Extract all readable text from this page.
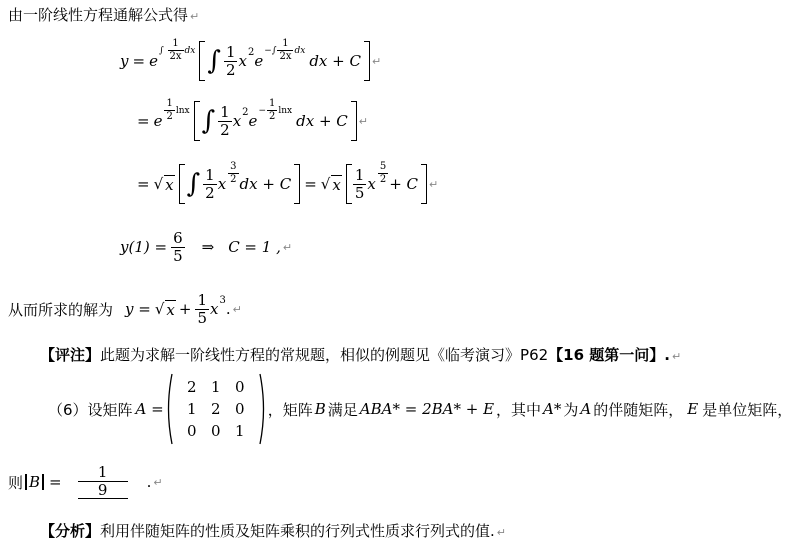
由一阶线性方程通解公式得 ↵
y = e
∫ $\frac{1}{2x}$ dx ∫ $\frac{1}{2}$ x 2 e
−∫ $\frac{1}{2x}$ dx
dx + C ↵
= e $\frac{1}{2}$ lnx ∫ $\frac{1}{2}$ x 2 e
− $\frac{1}{2}$ lnx
dx + C ↵
= √ x ∫ $\frac{1}{2}$ x $\frac{3}{2}$ dx + C = √ x $\frac{1}{5}$ x $\frac{5}{2} + C$ ↵
$y(1) = \frac{6}{5}$ ⇒ C = 1 , ↵
从而所求的解为 y = √ $x + \frac{1}{5}$ x 3 . ↵
【评注】此题为求解一阶线性方程的常规题，相似的例题见《临考演习》P62【16 题第一问】. ↵
（6）设矩阵 A =
2 1 0
1 2 0
0 0 1
，矩阵 B 满足 ABA* = 2BA* + E ，其中 A* 为 A 的伴随矩阵， E 是单位矩阵，
则 $B = \frac{1}{9}$ . ↵
【分析】利用伴随矩阵的性质及矩阵乘积的行列式性质求行列式的值. ↵
